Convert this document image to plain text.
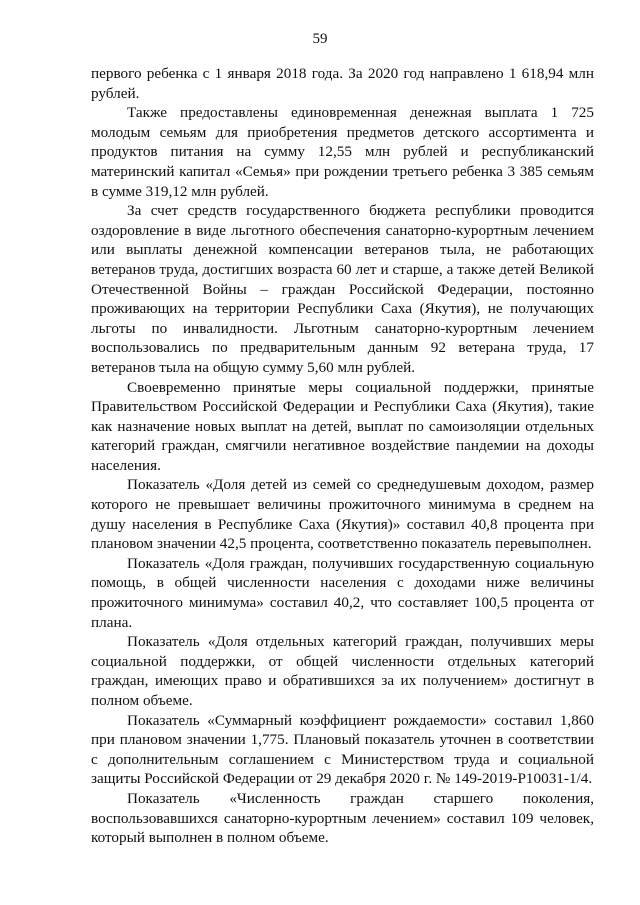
59

первого ребенка с 1 января 2018 года. За 2020 год направлено 1 618,94 млн рублей.

Также предоставлены единовременная денежная выплата 1 725 молодым семьям для приобретения предметов детского ассортимента и продуктов питания на сумму 12,55 млн рублей и республиканский материнский капитал «Семья» при рождении третьего ребенка 3 385 семьям в сумме 319,12 млн рублей.

За счет средств государственного бюджета республики проводится оздоровление в виде льготного обеспечения санаторно-курортным лечением или выплаты денежной компенсации ветеранов тыла, не работающих ветеранов труда, достигших возраста 60 лет и старше, а также детей Великой Отечественной Войны – граждан Российской Федерации, постоянно проживающих на территории Республики Саха (Якутия), не получающих льготы по инвалидности. Льготным санаторно-курортным лечением воспользовались по предварительным данным 92 ветерана труда, 17 ветеранов тыла на общую сумму 5,60 млн рублей.

Своевременно принятые меры социальной поддержки, принятые Правительством Российской Федерации и Республики Саха (Якутия), такие как назначение новых выплат на детей, выплат по самоизоляции отдельных категорий граждан, смягчили негативное воздействие пандемии на доходы населения.

Показатель «Доля детей из семей со среднедушевым доходом, размер которого не превышает величины прожиточного минимума в среднем на душу населения в Республике Саха (Якутия)» составил 40,8 процента при плановом значении 42,5 процента, соответственно показатель перевыполнен.

Показатель «Доля граждан, получивших государственную социальную помощь, в общей численности населения с доходами ниже величины прожиточного минимума» составил 40,2, что составляет 100,5 процента от плана.

Показатель «Доля отдельных категорий граждан, получивших меры социальной поддержки, от общей численности отдельных категорий граждан, имеющих право и обратившихся за их получением» достигнут в полном объеме.

Показатель «Суммарный коэффициент рождаемости» составил 1,860 при плановом значении 1,775. Плановый показатель уточнен в соответствии с дополнительным соглашением с Министерством труда и социальной защиты Российской Федерации от 29 декабря 2020 г. № 149-2019-Р10031-1/4.

Показатель «Численность граждан старшего поколения, воспользовавшихся санаторно-курортным лечением» составил 109 человек, который выполнен в полном объеме.
